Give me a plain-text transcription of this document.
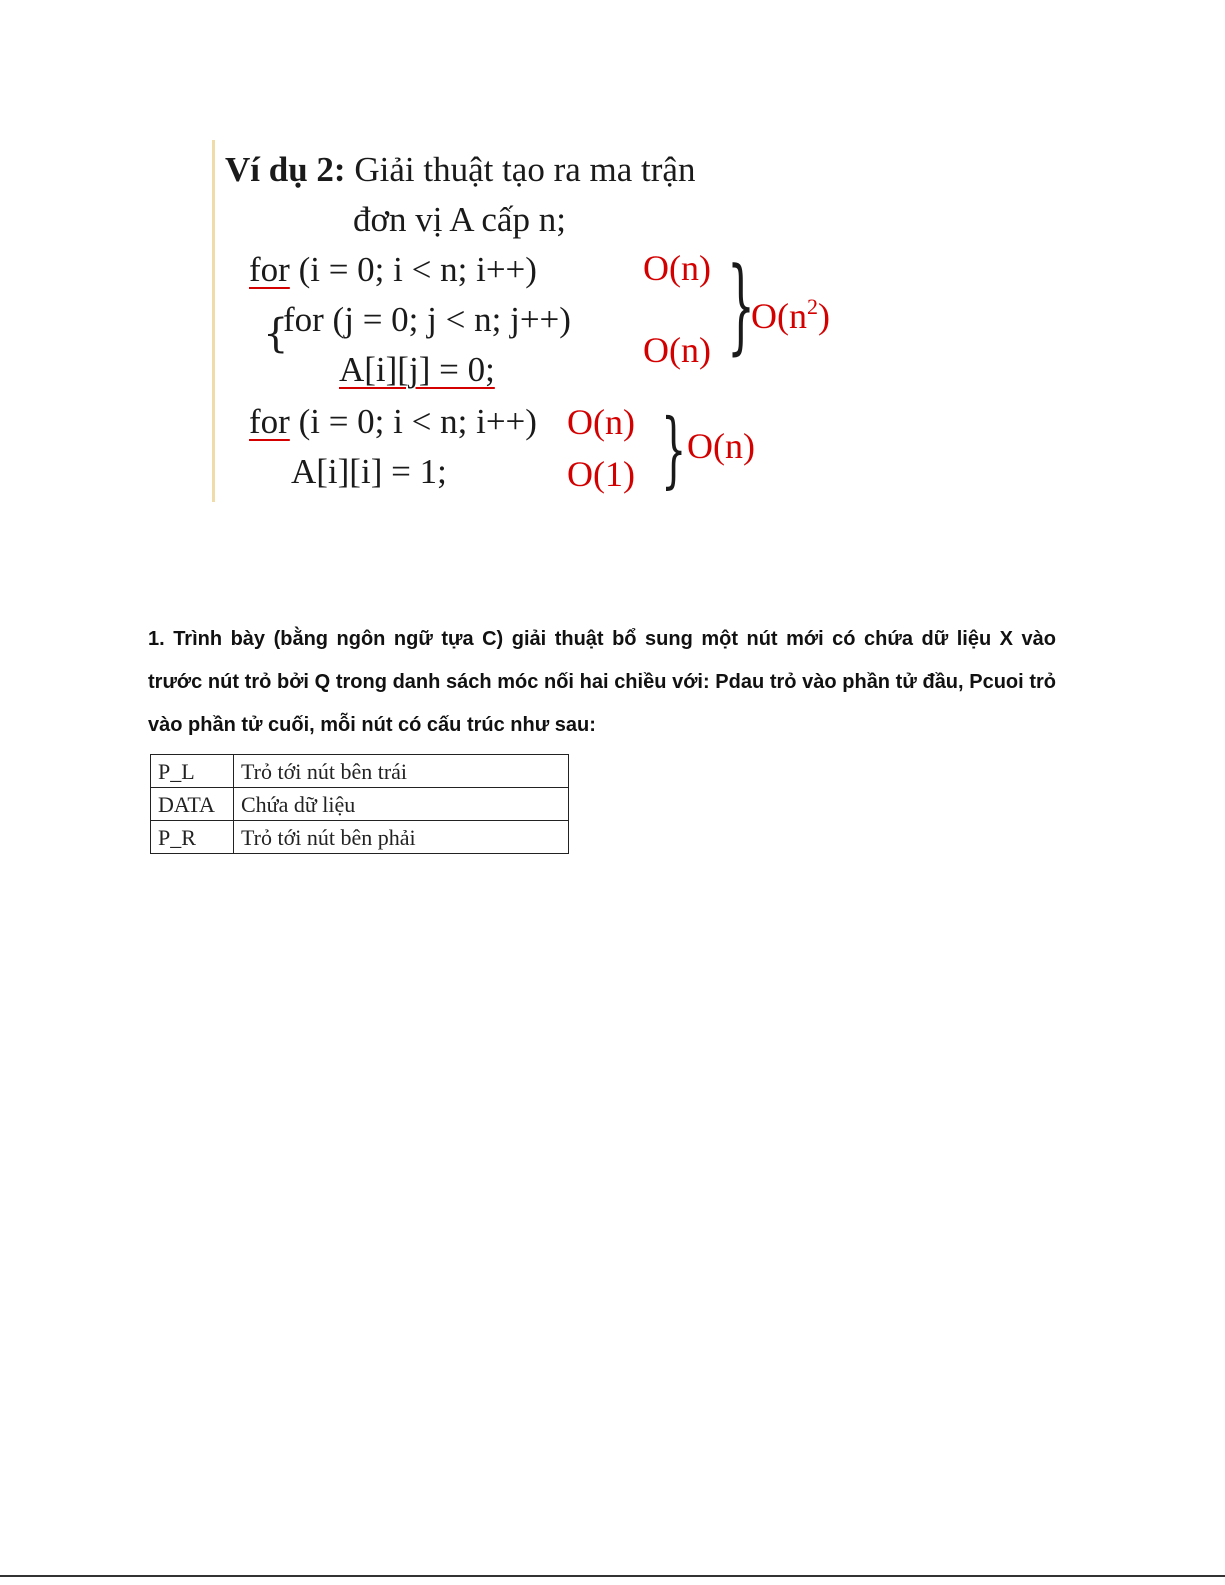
Ví dụ 2: Giải thuật tạo ra ma trận
đơn vị A cấp n;
for (i = 0; i < n; i++)
{
for (j = 0; j < n; j++)
A[i][j] = 0;
for (i = 0; i < n; i++)
A[i][i] = 1;
O(n)
O(n) }
$O(n^2)$
O(n)
O(1) } O(n)
1. Trình bày (bằng ngôn ngữ tựa C) giải thuật bổ sung một nút mới có chứa dữ liệu X vào trước nút trỏ bởi Q trong danh sách móc nối hai chiều với: Pdau trỏ vào phần tử đầu, Pcuoi trỏ vào phần tử cuối, mỗi nút có cấu trúc như sau:
P_L	Trỏ tới nút bên trái
DATA	Chứa dữ liệu
P_R	Trỏ tới nút bên phải
